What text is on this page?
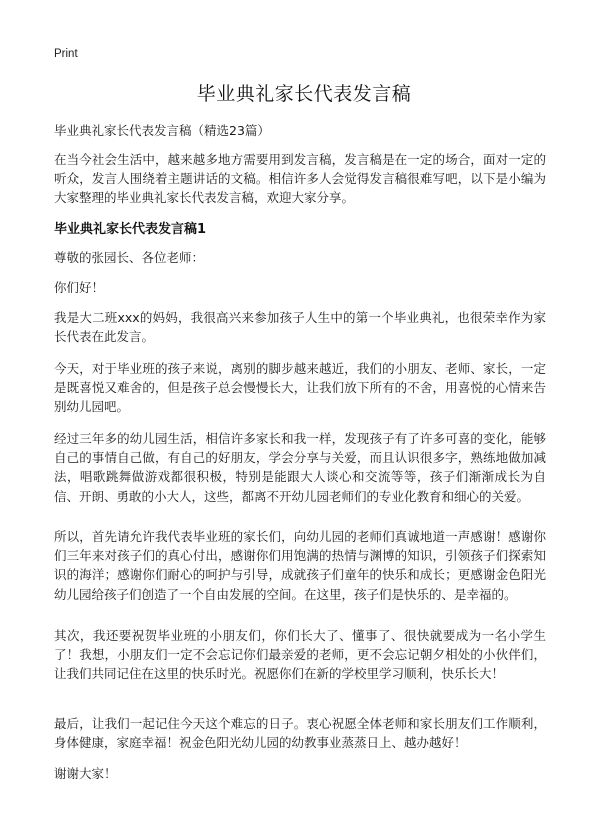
Print
毕业典礼家长代表发言稿
毕业典礼家长代表发言稿（精选23篇）

在当今社会生活中，越来越多地方需要用到发言稿，发言稿是在一定的场合，面对一定的听众，发言人围绕着主题讲话的文稿。相信许多人会觉得发言稿很难写吧，以下是小编为大家整理的毕业典礼家长代表发言稿，欢迎大家分享。

毕业典礼家长代表发言稿1

尊敬的张园长、各位老师：

你们好！

我是大二班xxx的妈妈，我很高兴来参加孩子人生中的第一个毕业典礼，也很荣幸作为家长代表在此发言。

今天，对于毕业班的孩子来说，离别的脚步越来越近，我们的小朋友、老师、家长，一定是既喜悦又难舍的，但是孩子总会慢慢长大，让我们放下所有的不舍，用喜悦的心情来告别幼儿园吧。

经过三年多的幼儿园生活，相信许多家长和我一样，发现孩子有了许多可喜的变化，能够自己的事情自己做，有自己的好朋友，学会分享与关爱，而且认识很多字，熟练地做加减法，唱歌跳舞做游戏都很积极，特别是能跟大人谈心和交流等等，孩子们渐渐成长为自信、开朗、勇敢的小大人，这些，都离不开幼儿园老师们的专业化教育和细心的关爱。

所以，首先请允许我代表毕业班的家长们，向幼儿园的老师们真诚地道一声感谢！感谢你们三年来对孩子们的真心付出，感谢你们用饱满的热情与渊博的知识，引领孩子们探索知识的海洋；感谢你们耐心的呵护与引导，成就孩子们童年的快乐和成长；更感谢金色阳光幼儿园给孩子们创造了一个自由发展的空间。在这里，孩子们是快乐的、是幸福的。

其次，我还要祝贺毕业班的小朋友们，你们长大了、懂事了、很快就要成为一名小学生了！我想，小朋友们一定不会忘记你们最亲爱的老师，更不会忘记朝夕相处的小伙伴们，让我们共同记住在这里的快乐时光。祝愿你们在新的学校里学习顺利，快乐长大！

最后，让我们一起记住今天这个难忘的日子。衷心祝愿全体老师和家长朋友们工作顺利，身体健康，家庭幸福！祝金色阳光幼儿园的幼教事业蒸蒸日上、越办越好！

谢谢大家！
